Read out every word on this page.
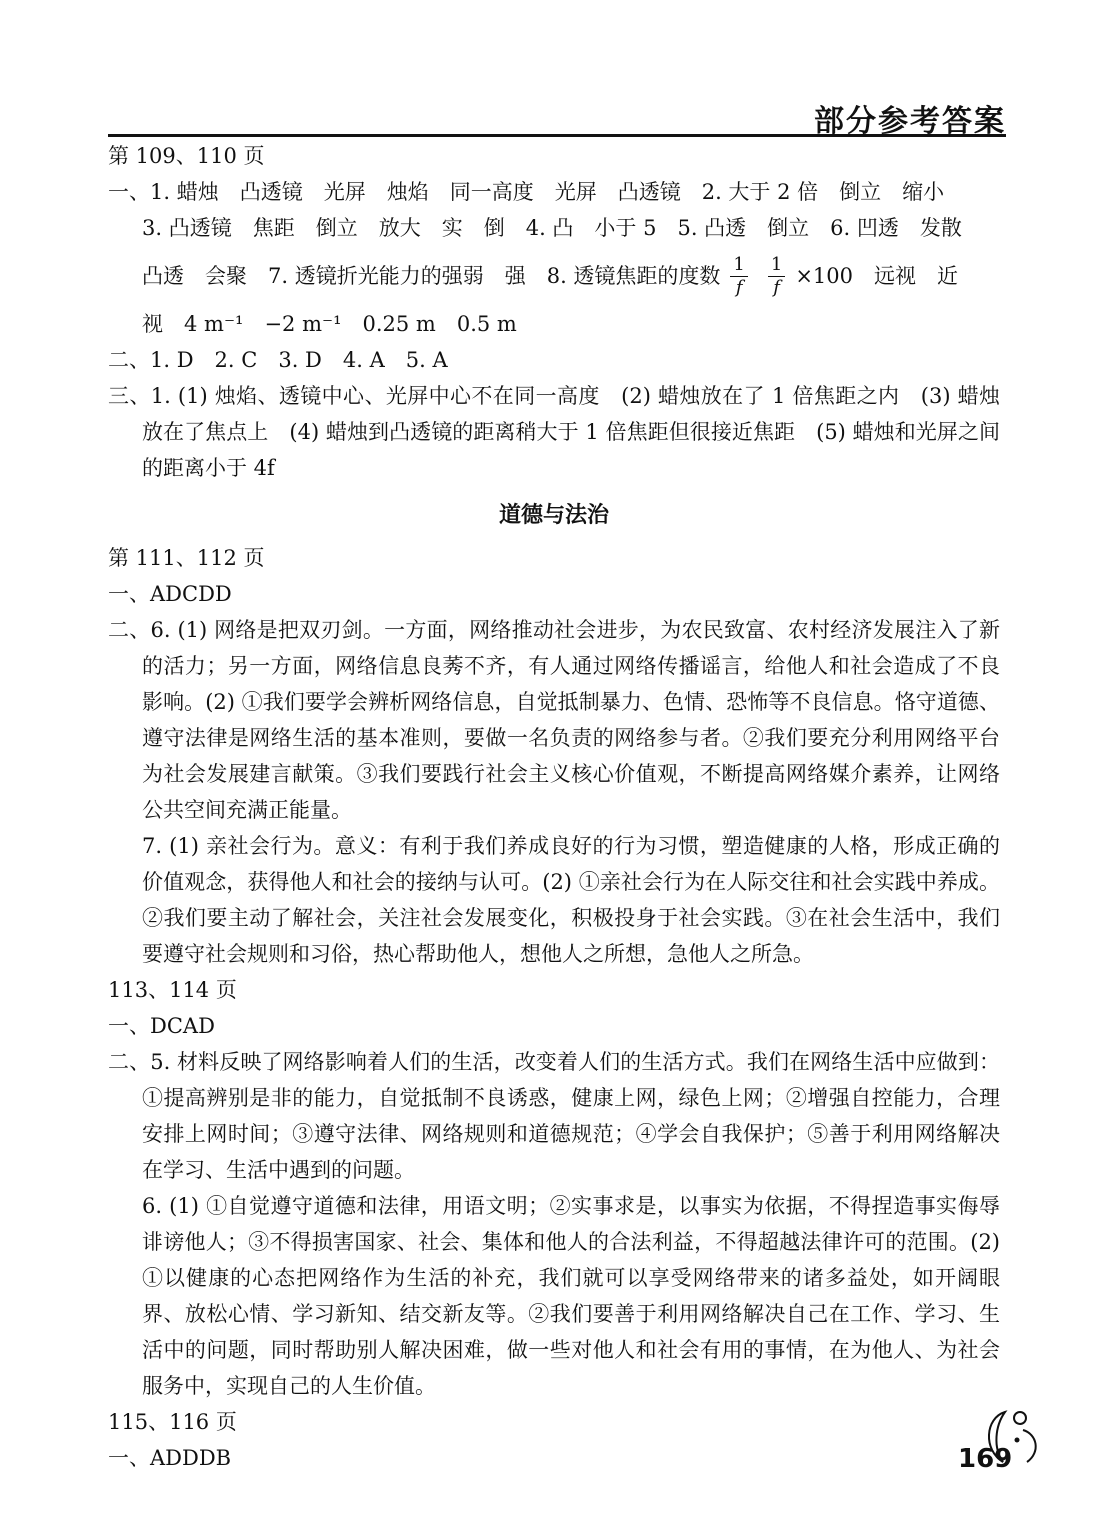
部分参考答案
第 109、110 页
一、1. 蜡烛　凸透镜　光屏　烛焰　同一高度　光屏　凸透镜　2. 大于 2 倍　倒立　缩小
3. 凸透镜　焦距　倒立　放大　实　倒　4. 凸　小于 5　5. 凸透　倒立　6. 凹透　发散
凸透　会聚　7. 透镜折光能力的强弱　强　8. 透镜焦距的度数 $\frac{1}{f} \frac{1}{f} \times 100$　远视　近
视　4 m⁻¹　−2 m⁻¹　0.25 m　0.5 m
二、1. D　2. C　3. D　4. A　5. A
三、1. (1) 烛焰、透镜中心、光屏中心不在同一高度　(2) 蜡烛放在了 1 倍焦距之内　(3) 蜡烛放在了焦点上　(4) 蜡烛到凸透镜的距离稍大于 1 倍焦距但很接近焦距　(5) 蜡烛和光屏之间的距离小于 4f
道德与法治
第 111、112 页
一、ADCDD
二、6. (1) 网络是把双刃剑。一方面，网络推动社会进步，为农民致富、农村经济发展注入了新的活力；另一方面，网络信息良莠不齐，有人通过网络传播谣言，给他人和社会造成了不良影响。(2) ①我们要学会辨析网络信息，自觉抵制暴力、色情、恐怖等不良信息。恪守道德、遵守法律是网络生活的基本准则，要做一名负责的网络参与者。②我们要充分利用网络平台为社会发展建言献策。③我们要践行社会主义核心价值观，不断提高网络媒介素养，让网络公共空间充满正能量。
7. (1) 亲社会行为。意义：有利于我们养成良好的行为习惯，塑造健康的人格，形成正确的价值观念，获得他人和社会的接纳与认可。(2) ①亲社会行为在人际交往和社会实践中养成。②我们要主动了解社会，关注社会发展变化，积极投身于社会实践。③在社会生活中，我们要遵守社会规则和习俗，热心帮助他人，想他人之所想，急他人之所急。
113、114 页
一、DCAD
二、5. 材料反映了网络影响着人们的生活，改变着人们的生活方式。我们在网络生活中应做到：①提高辨别是非的能力，自觉抵制不良诱惑，健康上网，绿色上网；②增强自控能力，合理安排上网时间；③遵守法律、网络规则和道德规范；④学会自我保护；⑤善于利用网络解决在学习、生活中遇到的问题。
6. (1) ①自觉遵守道德和法律，用语文明；②实事求是，以事实为依据，不得捏造事实侮辱诽谤他人；③不得损害国家、社会、集体和他人的合法利益，不得超越法律许可的范围。(2) ①以健康的心态把网络作为生活的补充，我们就可以享受网络带来的诸多益处，如开阔眼界、放松心情、学习新知、结交新友等。②我们要善于利用网络解决自己在工作、学习、生活中的问题，同时帮助别人解决困难，做一些对他人和社会有用的事情，在为他人、为社会服务中，实现自己的人生价值。
115、116 页
一、ADDDB	169
